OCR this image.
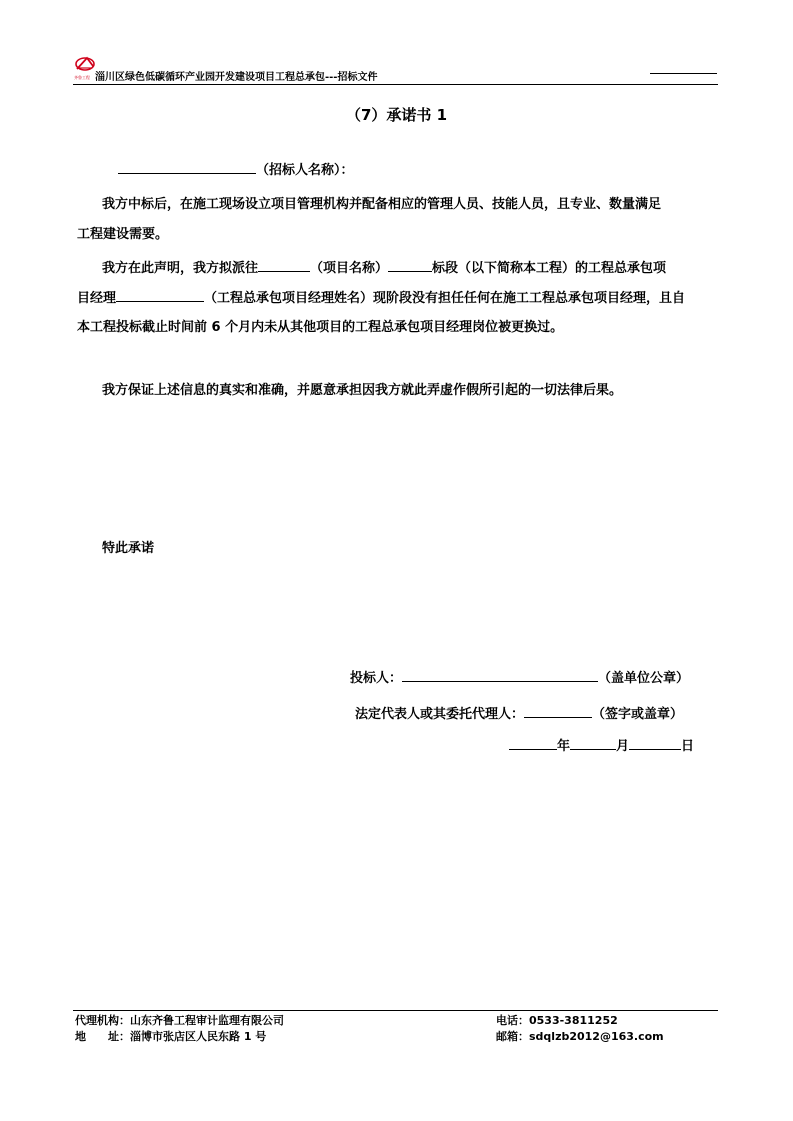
齐鲁工程 淄川区绿色低碳循环产业园开发建设项目工程总承包---招标文件
（7）承诺书 1
（招标人名称）：
我方中标后，在施工现场设立项目管理机构并配备相应的管理人员、技能人员，且专业、数量满足
工程建设需要。
我方在此声明，我方拟派往	（项目名称）	标段（以下简称本工程）的工程总承包项
目经理	（工程总承包项目经理姓名）现阶段没有担任任何在施工工程总承包项目经理，且自
本工程投标截止时间前 6 个月内未从其他项目的工程总承包项目经理岗位被更换过。
我方保证上述信息的真实和准确，并愿意承担因我方就此弄虚作假所引起的一切法律后果。
特此承诺
投标人：	（盖单位公章）
法定代表人或其委托代理人：	（签字或盖章）
年	月	日
代理机构：山东齐鲁工程审计监理有限公司
地　　址：淄博市张店区人民东路 1 号
电话：0533-3811252
邮箱：sdqlzb2012@163.com
